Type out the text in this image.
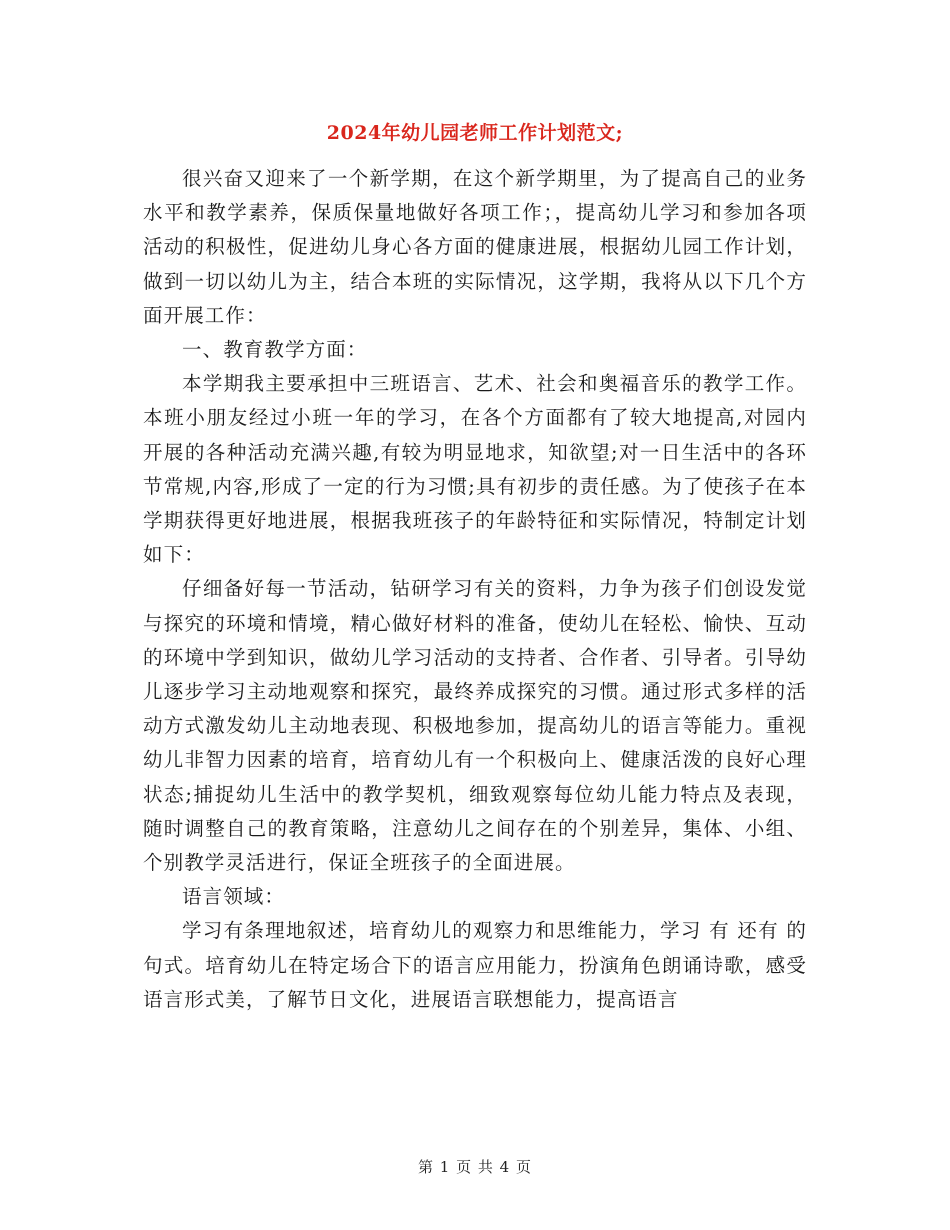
2024年幼儿园老师工作计划范文;

很兴奋又迎来了一个新学期，在这个新学期里，为了提高自己的业务水平和教学素养，保质保量地做好各项工作；，提高幼儿学习和参加各项活动的积极性，促进幼儿身心各方面的健康进展，根据幼儿园工作计划，做到一切以幼儿为主，结合本班的实际情况，这学期，我将从以下几个方面开展工作：

一、教育教学方面：

本学期我主要承担中三班语言、艺术、社会和奥福音乐的教学工作。本班小朋友经过小班一年的学习，在各个方面都有了较大地提高,对园内开展的各种活动充满兴趣,有较为明显地求，知欲望;对一日生活中的各环节常规,内容,形成了一定的行为习惯;具有初步的责任感。为了使孩子在本学期获得更好地进展，根据我班孩子的年龄特征和实际情况，特制定计划如下：

仔细备好每一节活动，钻研学习有关的资料，力争为孩子们创设发觉与探究的环境和情境，精心做好材料的准备，使幼儿在轻松、愉快、互动的环境中学到知识，做幼儿学习活动的支持者、合作者、引导者。引导幼儿逐步学习主动地观察和探究，最终养成探究的习惯。通过形式多样的活动方式激发幼儿主动地表现、积极地参加，提高幼儿的语言等能力。重视幼儿非智力因素的培育，培育幼儿有一个积极向上、健康活泼的良好心理状态;捕捉幼儿生活中的教学契机，细致观察每位幼儿能力特点及表现，随时调整自己的教育策略，注意幼儿之间存在的个别差异，集体、小组、个别教学灵活进行，保证全班孩子的全面进展。

语言领域：

学习有条理地叙述，培育幼儿的观察力和思维能力，学习 有 还有 的句式。培育幼儿在特定场合下的语言应用能力，扮演角色朗诵诗歌，感受语言形式美，了解节日文化，进展语言联想能力，提高语言

第 1 页 共 4 页
